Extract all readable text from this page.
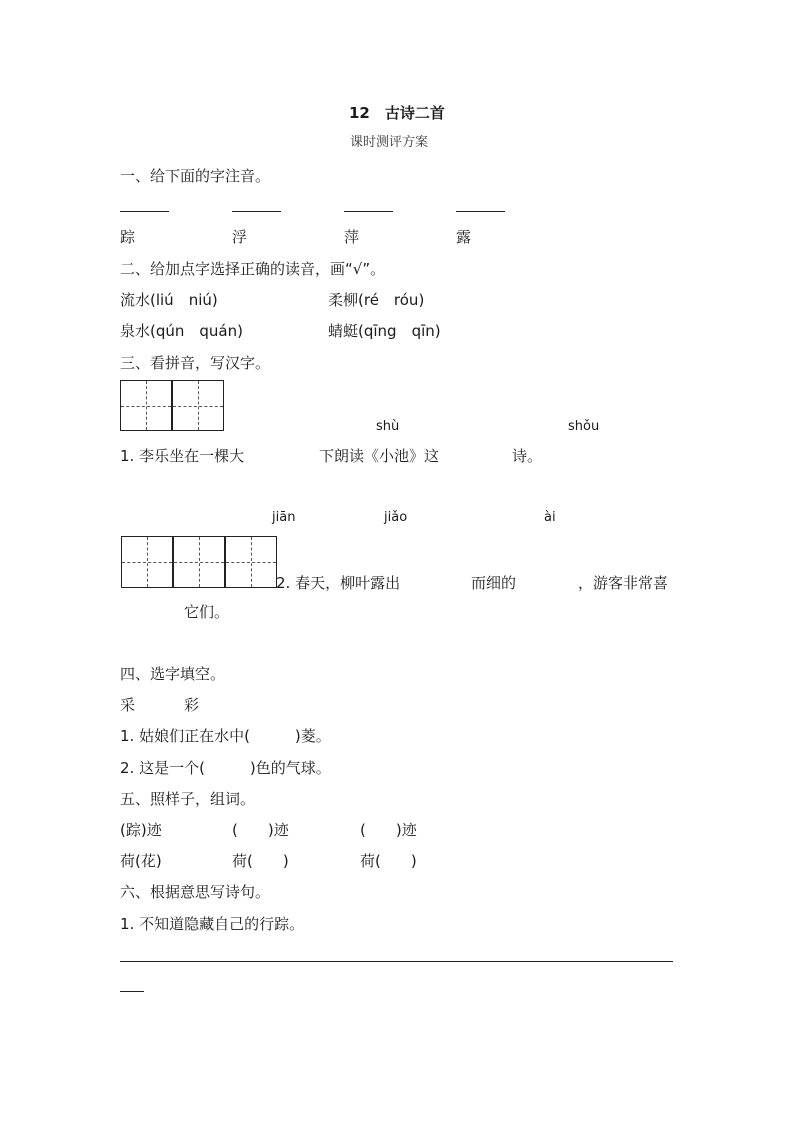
12　古诗二首
课时测评方案
一、给下面的字注音。
踪	浮	萍	露
二、给加点字选择正确的读音，画“√”。
流水(liú　niú)	柔柳(ré　róu)
泉水(qún　quán)	蜻蜓(qīng　qīn)
三、看拼音，写汉字。
shù	shǒu
1. 李乐坐在一棵大	下朗读《小池》这	诗。
jiān	jiǎo	ài
2. 春天，柳叶露出	而细的	，游客非常喜
它们。
四、选字填空。
采	彩
1. 姑娘们正在水中(　　　)菱。
2. 这是一个(　　　)色的气球。
五、照样子，组词。
(踪)迹	(　　)迹	(　　)迹
荷(花)	荷(　　)	荷(　　)
六、根据意思写诗句。
1. 不知道隐藏自己的行踪。
